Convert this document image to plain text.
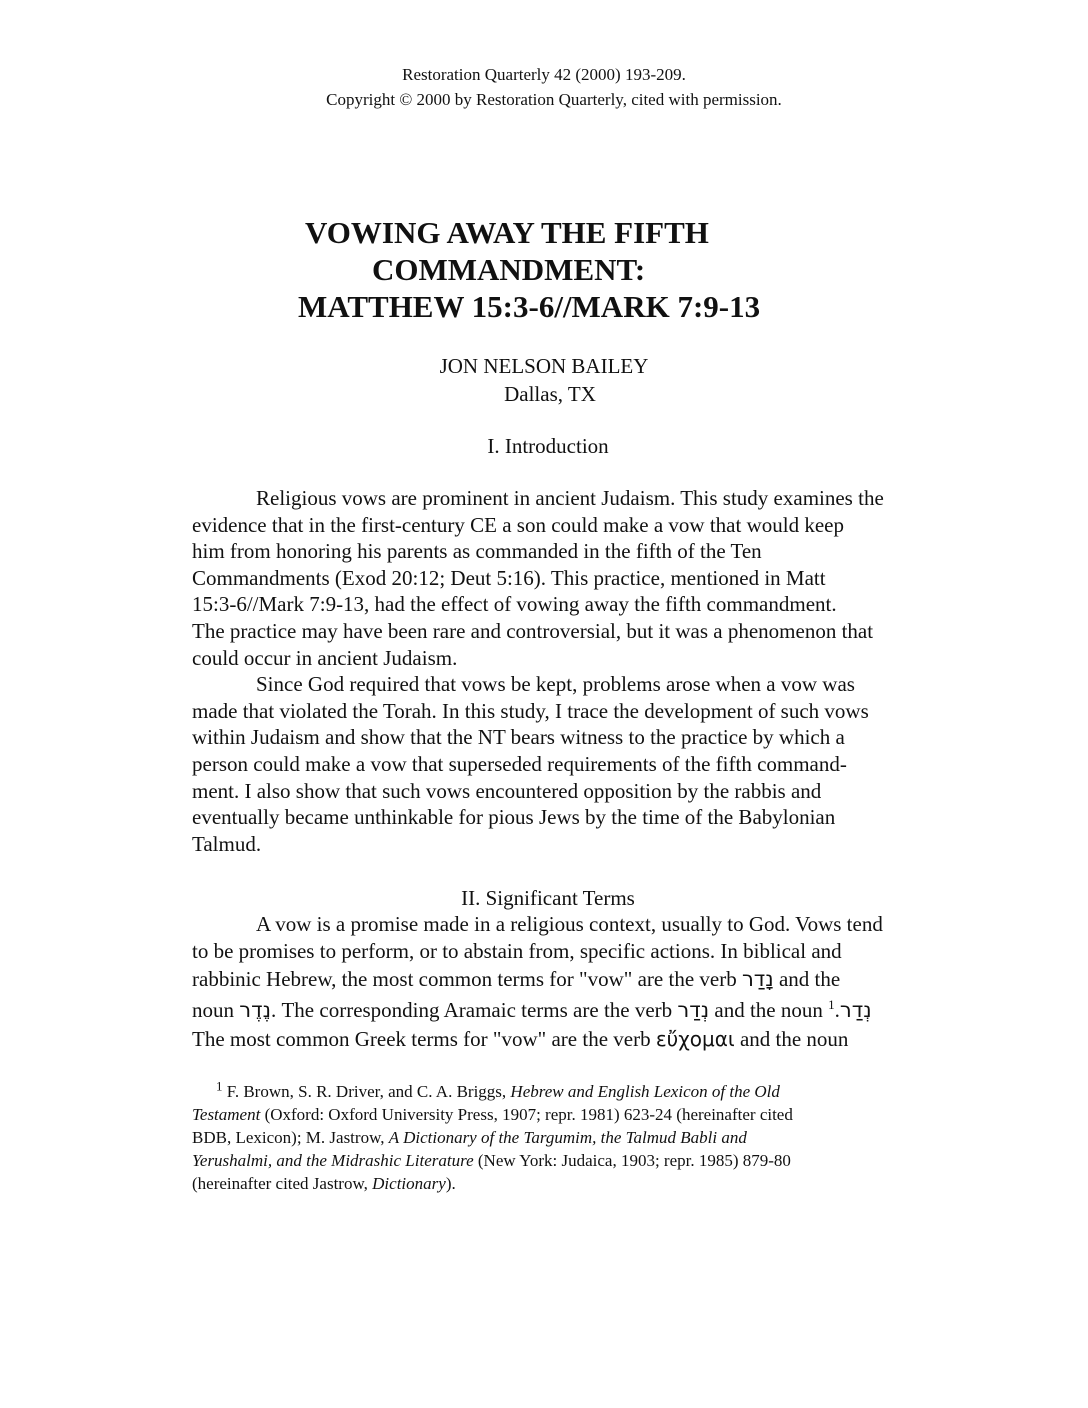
Restoration Quarterly 42 (2000) 193-209.
Copyright © 2000 by Restoration Quarterly, cited with permission.
VOWING AWAY THE FIFTH
COMMANDMENT:
MATTHEW 15:3-6//MARK 7:9-13
JON NELSON BAILEY
Dallas, TX
I. Introduction
Religious vows are prominent in ancient Judaism. This study examines the
evidence that in the first-century CE a son could make a vow that would keep
him from honoring his parents as commanded in the fifth of the Ten
Commandments (Exod 20:12; Deut 5:16). This practice, mentioned in Matt
15:3-6//Mark 7:9-13, had the effect of vowing away the fifth commandment.
The practice may have been rare and controversial, but it was a phenomenon that
could occur in ancient Judaism.
Since God required that vows be kept, problems arose when a vow was
made that violated the Torah. In this study, I trace the development of such vows
within Judaism and show that the NT bears witness to the practice by which a
person could make a vow that superseded requirements of the fifth command-
ment. I also show that such vows encountered opposition by the rabbis and
eventually became unthinkable for pious Jews by the time of the Babylonian
Talmud.
II. Significant Terms
A vow is a promise made in a religious context, usually to God. Vows tend
to be promises to perform, or to abstain from, specific actions. In biblical and
rabbinic Hebrew, the most common terms for "vow" are the verb נָדַר and the
noun נֶדֶר. The corresponding Aramaic terms are the verb נְדַר and the noun נְדַר.$^1$
The most common Greek terms for "vow" are the verb εὔχομαι and the noun
$^1$ F. Brown, S. R. Driver, and C. A. Briggs, Hebrew and English Lexicon of the Old
Testament (Oxford: Oxford University Press, 1907; repr. 1981) 623-24 (hereinafter cited
BDB, Lexicon); M. Jastrow, A Dictionary of the Targumim, the Talmud Babli and
Yerushalmi, and the Midrashic Literature (New York: Judaica, 1903; repr. 1985) 879-80
(hereinafter cited Jastrow, Dictionary).
